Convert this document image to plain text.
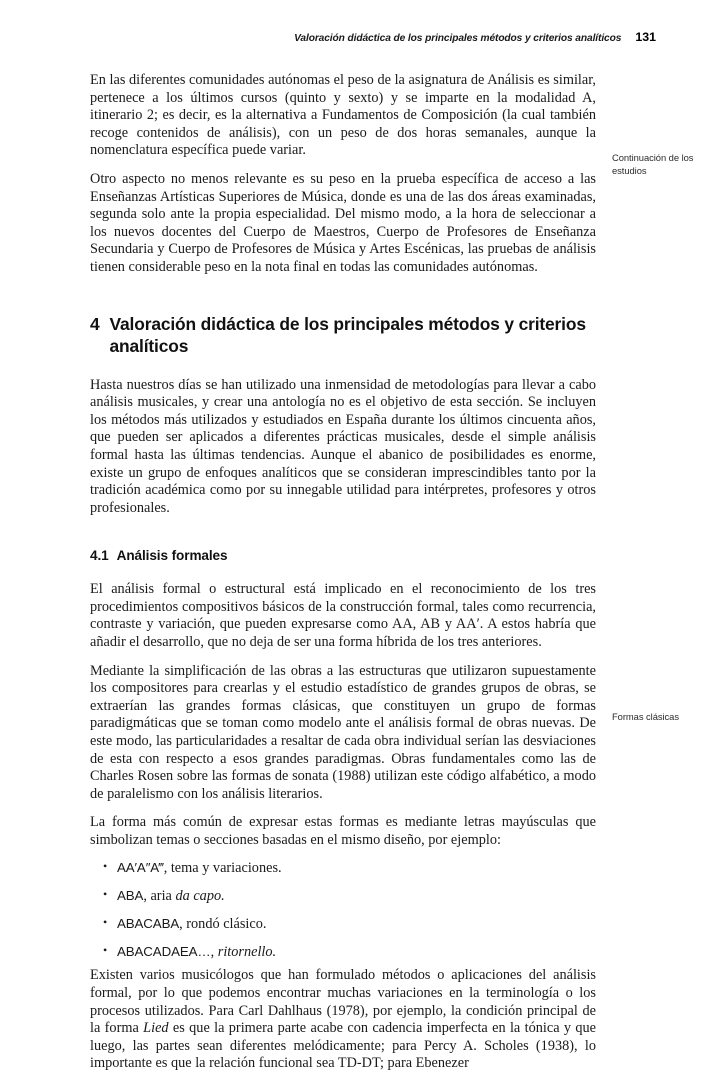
Valoración didáctica de los principales métodos y criterios analíticos 131
Continuación de los estudios
Formas clásicas

En las diferentes comunidades autónomas el peso de la asignatura de Análisis es similar, pertenece a los últimos cursos (quinto y sexto) y se imparte en la modalidad A, itinerario 2; es decir, es la alternativa a Fundamentos de Composición (la cual también recoge contenidos de análisis), con un peso de dos horas semanales, aunque la nomenclatura específica puede variar.

Otro aspecto no menos relevante es su peso en la prueba específica de acceso a las Enseñanzas Artísticas Superiores de Música, donde es una de las dos áreas examinadas, segunda solo ante la propia especialidad. Del mismo modo, a la hora de seleccionar a los nuevos docentes del Cuerpo de Maestros, Cuerpo de Profesores de Enseñanza Secundaria y Cuerpo de Profesores de Música y Artes Escénicas, las pruebas de análisis tienen considerable peso en la nota final en todas las comunidades autónomas.

4 Valoración didáctica de los principales métodos y criterios analíticos

Hasta nuestros días se han utilizado una inmensidad de metodologías para llevar a cabo análisis musicales, y crear una antología no es el objetivo de esta sección. Se incluyen los métodos más utilizados y estudiados en España durante los últimos cincuenta años, que pueden ser aplicados a diferentes prácticas musicales, desde el simple análisis formal hasta las últimas tendencias. Aunque el abanico de posibilidades es enorme, existe un grupo de enfoques analíticos que se consideran imprescindibles tanto por la tradición académica como por su innegable utilidad para intérpretes, profesores y otros profesionales.

4.1 Análisis formales

El análisis formal o estructural está implicado en el reconocimiento de los tres procedimientos compositivos básicos de la construcción formal, tales como recurrencia, contraste y variación, que pueden expresarse como AA, AB y AA′. A estos habría que añadir el desarrollo, que no deja de ser una forma híbrida de los tres anteriores.

Mediante la simplificación de las obras a las estructuras que utilizaron supuestamente los compositores para crearlas y el estudio estadístico de grandes grupos de obras, se extraerían las grandes formas clásicas, que constituyen un grupo de formas paradigmáticas que se toman como modelo ante el análisis formal de obras nuevas. De este modo, las particularidades a resaltar de cada obra individual serían las desviaciones de esta con respecto a esos grandes paradigmas. Obras fundamentales como las de Charles Rosen sobre las formas de sonata (1988) utilizan este código alfabético, a modo de paralelismo con los análisis literarios.

La forma más común de expresar estas formas es mediante letras mayúsculas que simbolizan temas o secciones basadas en el mismo diseño, por ejemplo:

• AA′A″A‴, tema y variaciones.
• ABA, aria da capo.
• ABACABA, rondó clásico.
• ABACADAEA…, ritornello.

Existen varios musicólogos que han formulado métodos o aplicaciones del análisis formal, por lo que podemos encontrar muchas variaciones en la terminología o los procesos utilizados. Para Carl Dahlhaus (1978), por ejemplo, la condición principal de la forma Lied es que la primera parte acabe con cadencia imperfecta en la tónica y que luego, las partes sean diferentes melódicamente; para Percy A. Scholes (1938), lo importante es que la relación funcional sea TD-DT; para Ebenezer
